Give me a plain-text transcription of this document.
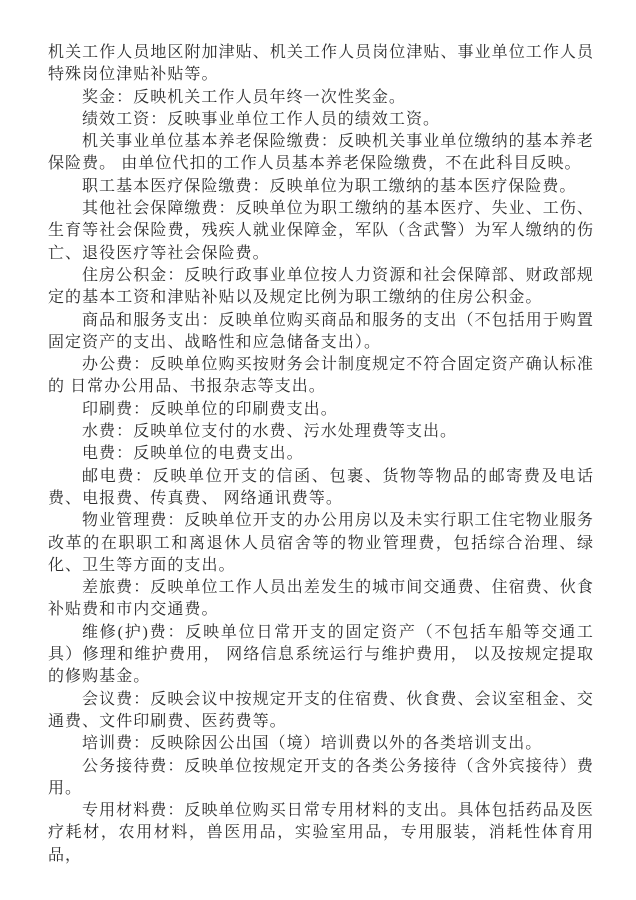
机关工作人员地区附加津贴、机关工作人员岗位津贴、事业单位工作人员特殊岗位津贴补贴等。

奖金：反映机关工作人员年终一次性奖金。

绩效工资：反映事业单位工作人员的绩效工资。

机关事业单位基本养老保险缴费：反映机关事业单位缴纳的基本养老保险费。 由单位代扣的工作人员基本养老保险缴费，不在此科目反映。

职工基本医疗保险缴费：反映单位为职工缴纳的基本医疗保险费。

其他社会保障缴费：反映单位为职工缴纳的基本医疗、失业、工伤、生育等社会保险费，残疾人就业保障金，军队（含武警）为军人缴纳的伤亡、退役医疗等社会保险费。

住房公积金：反映行政事业单位按人力资源和社会保障部、财政部规定的基本工资和津贴补贴以及规定比例为职工缴纳的住房公积金。

商品和服务支出：反映单位购买商品和服务的支出（不包括用于购置固定资产的支出、战略性和应急储备支出）。

办公费：反映单位购买按财务会计制度规定不符合固定资产确认标准的 日常办公用品、书报杂志等支出。

印刷费：反映单位的印刷费支出。

水费：反映单位支付的水费、污水处理费等支出。

电费：反映单位的电费支出。

邮电费：反映单位开支的信函、包裹、货物等物品的邮寄费及电话费、电报费、传真费、 网络通讯费等。

物业管理费：反映单位开支的办公用房以及未实行职工住宅物业服务改革的在职职工和离退休人员宿舍等的物业管理费，包括综合治理、绿化、卫生等方面的支出。

差旅费：反映单位工作人员出差发生的城市间交通费、住宿费、伙食补贴费和市内交通费。

维修(护)费：反映单位日常开支的固定资产（不包括车船等交通工具）修理和维护费用， 网络信息系统运行与维护费用， 以及按规定提取的修购基金。

会议费：反映会议中按规定开支的住宿费、伙食费、会议室租金、交通费、文件印刷费、医药费等。

培训费：反映除因公出国（境）培训费以外的各类培训支出。

公务接待费：反映单位按规定开支的各类公务接待（含外宾接待）费用。

专用材料费：反映单位购买日常专用材料的支出。具体包括药品及医疗耗材，农用材料，兽医用品，实验室用品，专用服装，消耗性体育用品，
